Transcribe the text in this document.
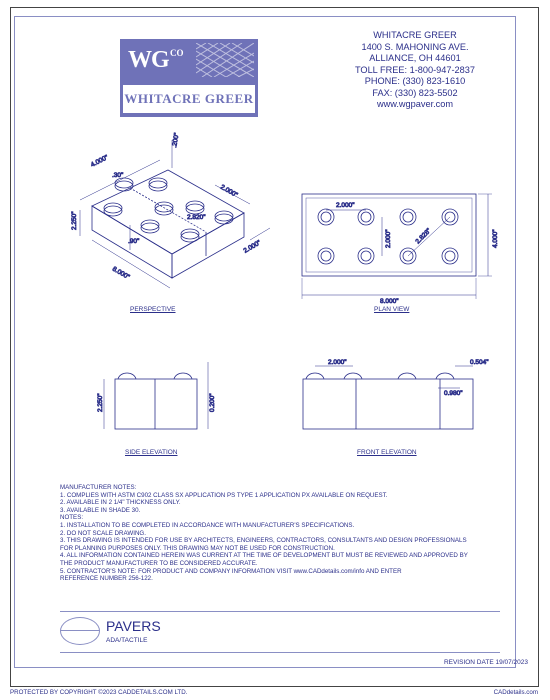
WG CO
WHITACRE GREER
WHITACRE GREER
1400 S. MAHONING AVE.
ALLIANCE, OH 44601
TOLL FREE: 1-800-947-2837
PHONE: (330) 823-1610
FAX: (330) 823-5502
www.wgpaver.com
4.000"
.200"
.30"
2.250"	2.820"
.90"
8.000"
2.000"
2.000"
2.000"
2.000"	2.828"	4.000"
8.000"
2.250"	0.200"
2.000"	0.504"
0.980"
PERSPECTIVE	PLAN VIEW
SIDE ELEVATION	FRONT ELEVATION
MANUFACTURER NOTES:
1. COMPLIES WITH ASTM C902 CLASS SX APPLICATION PS TYPE 1 APPLICATION PX AVAILABLE ON REQUEST.
2. AVAILABLE IN 2 1/4" THICKNESS ONLY.
3. AVAILABLE IN SHADE 30.
NOTES:
1. INSTALLATION TO BE COMPLETED IN ACCORDANCE WITH MANUFACTURER'S SPECIFICATIONS.
2. DO NOT SCALE DRAWING.
3. THIS DRAWING IS INTENDED FOR USE BY ARCHITECTS, ENGINEERS, CONTRACTORS, CONSULTANTS AND DESIGN PROFESSIONALS
FOR PLANNING PURPOSES ONLY. THIS DRAWING MAY NOT BE USED FOR CONSTRUCTION.
4. ALL INFORMATION CONTAINED HEREIN WAS CURRENT AT THE TIME OF DEVELOPMENT BUT MUST BE REVIEWED AND APPROVED BY
THE PRODUCT MANUFACTURER TO BE CONSIDERED ACCURATE.
5. CONTRACTOR'S NOTE: FOR PRODUCT AND COMPANY INFORMATION VISIT www.CADdetails.com/info AND ENTER
REFERENCE NUMBER 256-122.
PAVERS
ADA/TACTILE
REVISION DATE 19/07/2023
PROTECTED BY COPYRIGHT ©2023 CADDETAILS.COM LTD.	CADdetails.com
